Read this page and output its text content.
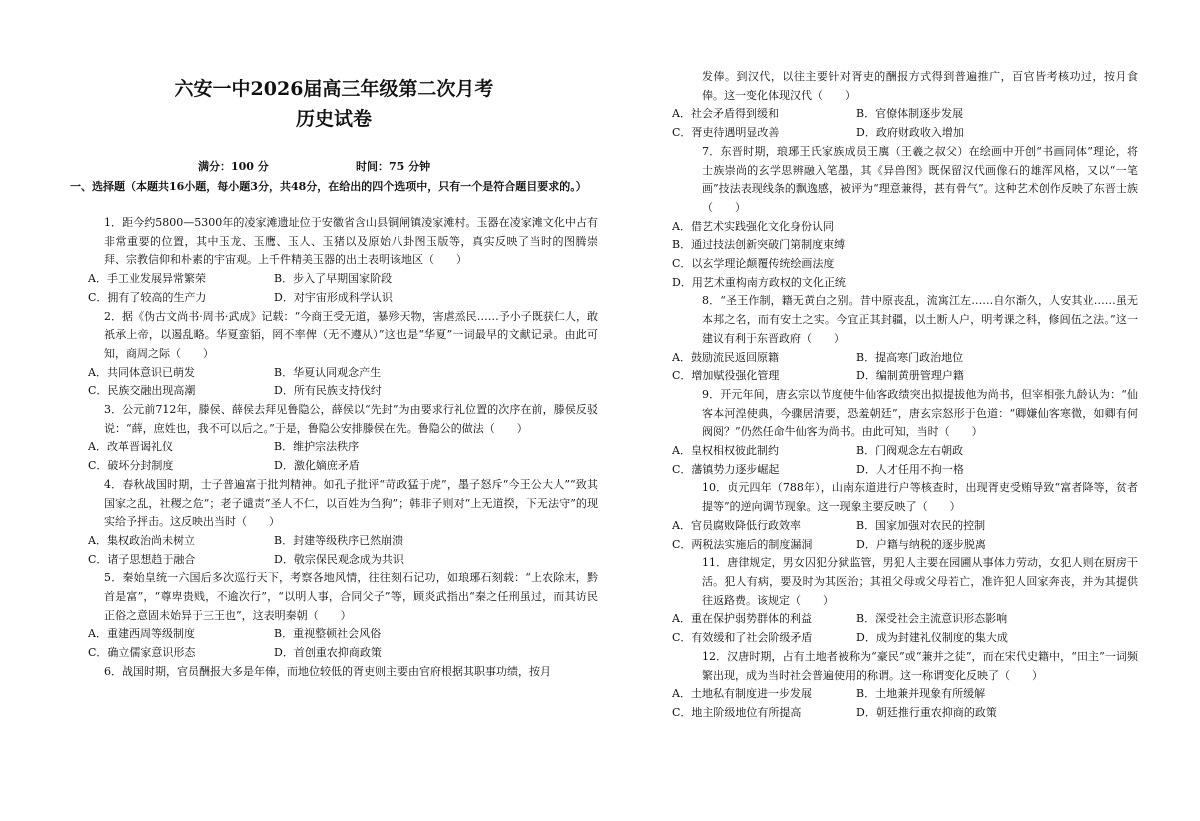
六安一中2026届高三年级第二次月考
历史试卷
满分：100 分	时间：75 分钟
一、选择题（本题共16小题，每小题3分，共48分，在给出的四个选项中，只有一个是符合题目要求的。）

1．距今约5800—5300年的凌家滩遗址位于安徽省含山县铜闸镇凌家滩村。玉器在凌家滩文化中占有非常重要的位置，其中玉龙、玉鹰、玉人、玉猪以及原始八卦图玉版等，真实反映了当时的图腾崇拜、宗教信仰和朴素的宇宙观。上千件精美玉器的出土表明该地区（　　）

A．手工业发展异常繁荣	B．步入了早期国家阶段
C．拥有了较高的生产力	D．对宇宙形成科学认识

2．据《伪古文尚书·周书·武成》记载：“今商王受无道，暴殄天物，害虐烝民……予小子既获仁人，敢祇承上帝，以遏乱略。华夏蛮貊，罔不率俾（无不遵从）”这也是“华夏”一词最早的文献记录。由此可知，商周之际（　　）

A．共同体意识已萌发	B．华夏认同观念产生
C．民族交融出现高潮	D．所有民族支持伐纣

3．公元前712年，滕侯、薛侯去拜见鲁隐公，薛侯以“先封”为由要求行礼位置的次序在前，滕侯反驳说：“薛，庶姓也，我不可以后之。”于是，鲁隐公安排滕侯在先。鲁隐公的做法（　　）

A．改革晋谒礼仪	B．维护宗法秩序
C．破坏分封制度	D．激化嫡庶矛盾

4．春秋战国时期，士子普遍富于批判精神。如孔子批评“苛政猛于虎”，墨子怒斥“今王公大人”“致其国家之乱，社稷之危”；老子谴责“圣人不仁，以百姓为刍狗”；韩非子则对“上无道揆，下无法守”的现实给予抨击。这反映出当时（　　）

A．集权政治尚未树立	B．封建等级秩序已然崩溃
C．诸子思想趋于融合	D．敬宗保民观念成为共识

5．秦始皇统一六国后多次巡行天下，考察各地风情，往往刻石记功，如琅琊石刻载：“上农除末，黔首是富”，“尊卑贵贱，不逾次行”，“以明人事，合同父子”等，顾炎武指出“秦之任刑虽过，而其访民正俗之意固未始异于三王也”，这表明秦朝（　　）

A．重建西周等级制度	B．重视整顿社会风俗
C．确立儒家意识形态	D．首创重农抑商政策

6．战国时期，官员酬报大多是年俸，而地位较低的胥吏则主要由官府根据其职事功绩，按月

发俸。到汉代，以往主要针对胥吏的酬报方式得到普遍推广，百官皆考核功过，按月食俸。这一变化体现汉代（　　）

A．社会矛盾得到缓和	B．官僚体制逐步发展
C．胥吏待遇明显改善	D．政府财政收入增加

7．东晋时期，琅琊王氏家族成员王廙（王羲之叔父）在绘画中开创“书画同体”理论，将士族崇尚的玄学思辨融入笔墨，其《异兽图》既保留汉代画像石的雄浑风格，又以“一笔画”技法表现线条的飘逸感，被评为“理意兼得，甚有骨气”。这种艺术创作反映了东晋士族（　　）

A．借艺术实践强化文化身份认同
B．通过技法创新突破门第制度束缚
C．以玄学理论颠覆传统绘画法度
D．用艺术重构南方政权的文化正统

8．“圣王作制，籍无黄白之别。昔中原丧乱，流寓江左……自尔渐久，人安其业……虽无本邦之名，而有安土之实。今宜正其封疆，以土断人户，明考课之科，修闾伍之法。”这一建议有利于东晋政府（　　）

A．鼓励流民返回原籍	B．提高寒门政治地位
C．增加赋役强化管理	D．编制黄册管理户籍

9．开元年间，唐玄宗以节度使牛仙客政绩突出拟提拔他为尚书，但宰相张九龄认为：“仙客本河湟使典，今骤居清要，恐羞朝廷”，唐玄宗怒形于色道：“卿嫌仙客寒微，如卿有何阀阅？”仍然任命牛仙客为尚书。由此可知，当时（　　）

A．皇权相权彼此制约	B．门阀观念左右朝政
C．藩镇势力逐步崛起	D．人才任用不拘一格

10．贞元四年（788年），山南东道进行户等核查时，出现胥吏受贿导致“富者降等，贫者提等”的逆向调节现象。这一现象主要反映了（　　）

A．官员腐败降低行政效率	B．国家加强对农民的控制
C．两税法实施后的制度漏洞	D．户籍与纳税的逐步脱离

11．唐律规定，男女囚犯分狱监管，男犯人主要在园圃从事体力劳动，女犯人则在厨房干活。犯人有病，要及时为其医治；其祖父母或父母若亡，准许犯人回家奔丧，并为其提供往返路费。该规定（　　）

A．重在保护弱势群体的利益	B．深受社会主流意识形态影响
C．有效缓和了社会阶级矛盾	D．成为封建礼仪制度的集大成

12．汉唐时期，占有土地者被称为“豪民”或“兼并之徒”，而在宋代史籍中，“田主”一词频繁出现，成为当时社会普遍使用的称谓。这一称谓变化反映了（　　）

A．土地私有制度进一步发展	B．土地兼并现象有所缓解
C．地主阶级地位有所提高	D．朝廷推行重农抑商的政策
